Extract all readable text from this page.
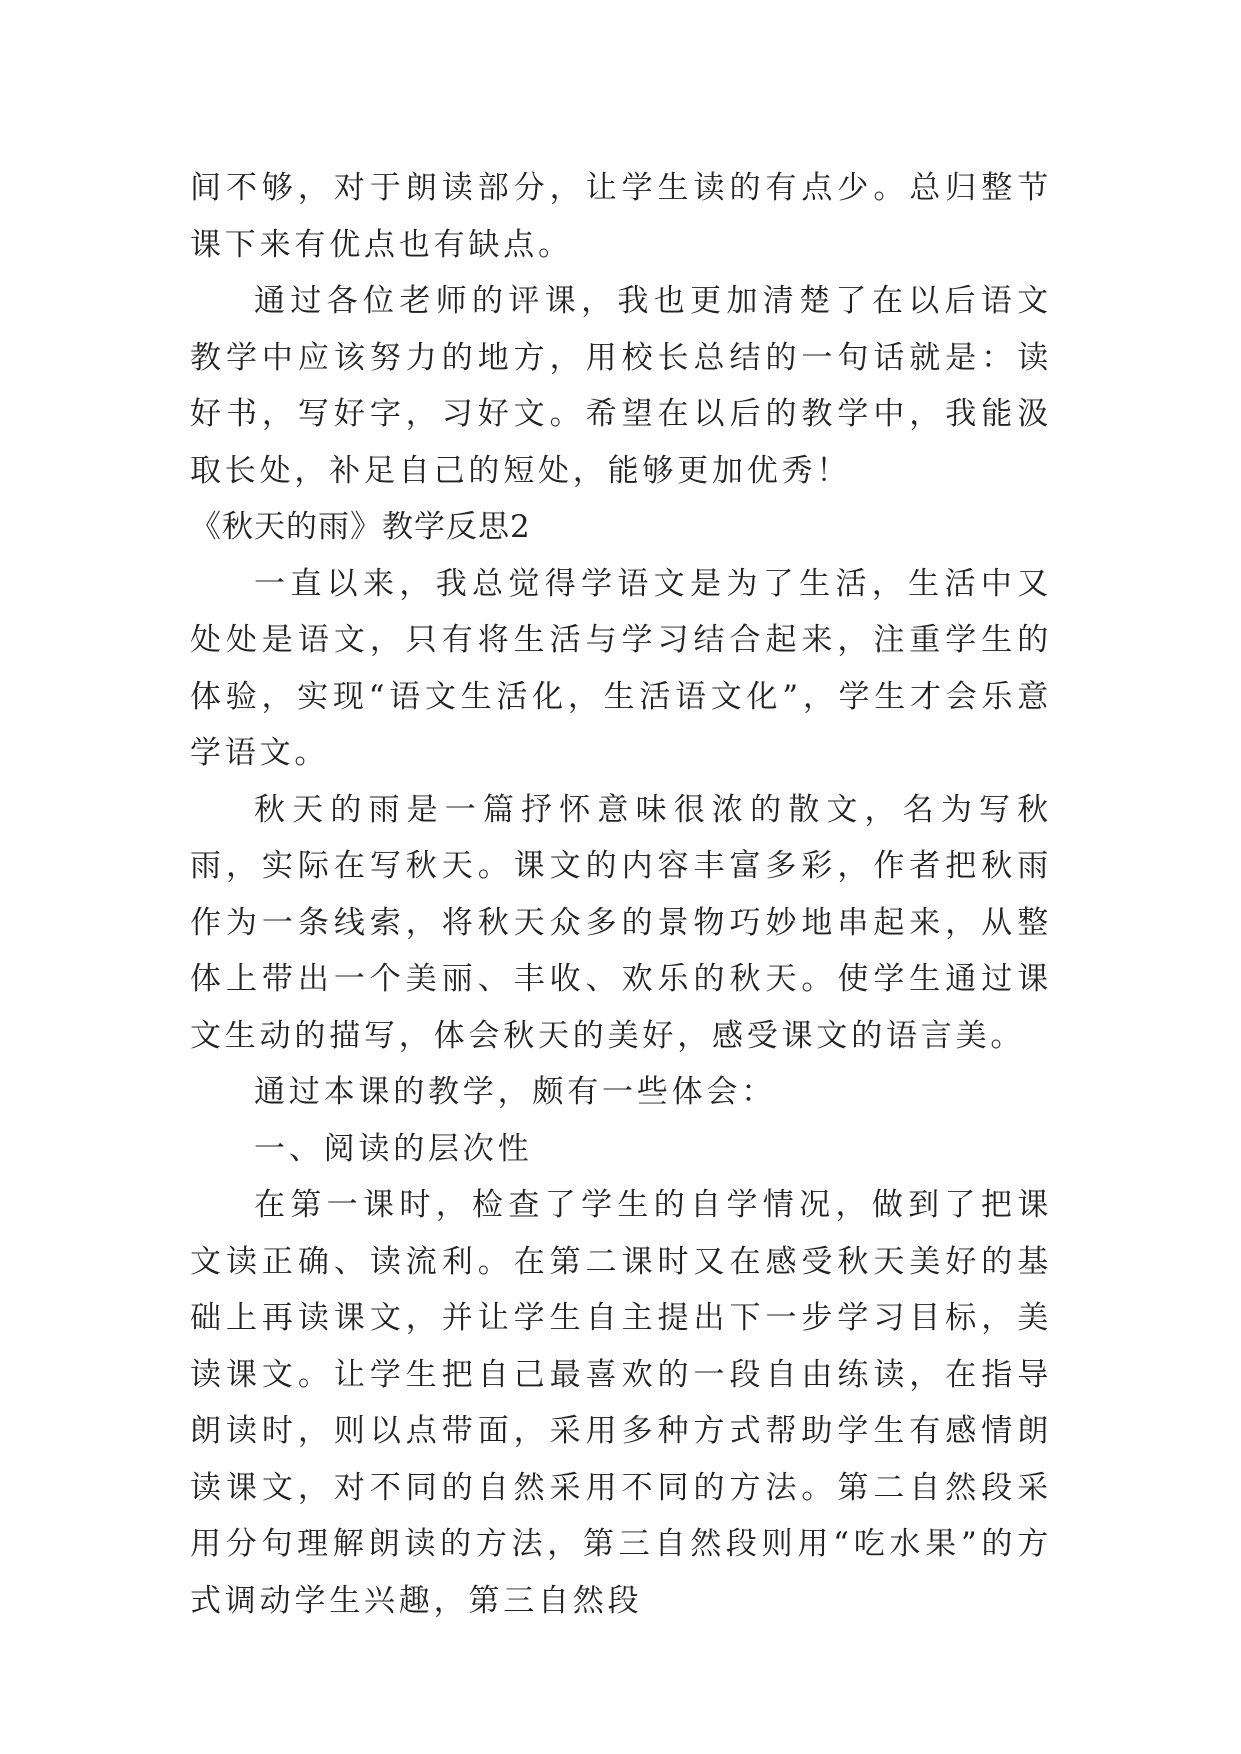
间不够，对于朗读部分，让学生读的有点少。总归整节课下来有优点也有缺点。

通过各位老师的评课，我也更加清楚了在以后语文教学中应该努力的地方，用校长总结的一句话就是：读好书，写好字，习好文。希望在以后的教学中，我能汲取长处，补足自己的短处，能够更加优秀！

《秋天的雨》教学反思2

一直以来，我总觉得学语文是为了生活，生活中又处处是语文，只有将生活与学习结合起来，注重学生的体验，实现“语文生活化，生活语文化”，学生才会乐意学语文。

秋天的雨是一篇抒怀意味很浓的散文，名为写秋雨，实际在写秋天。课文的内容丰富多彩，作者把秋雨作为一条线索，将秋天众多的景物巧妙地串起来，从整体上带出一个美丽、丰收、欢乐的秋天。使学生通过课文生动的描写，体会秋天的美好，感受课文的语言美。

通过本课的教学，颇有一些体会：

一、阅读的层次性

在第一课时，检查了学生的自学情况，做到了把课文读正确、读流利。在第二课时又在感受秋天美好的基础上再读课文，并让学生自主提出下一步学习目标，美读课文。让学生把自己最喜欢的一段自由练读，在指导朗读时，则以点带面，采用多种方式帮助学生有感情朗读课文，对不同的自然采用不同的方法。第二自然段采用分句理解朗读的方法，第三自然段则用“吃水果”的方式调动学生兴趣，第三自然段
